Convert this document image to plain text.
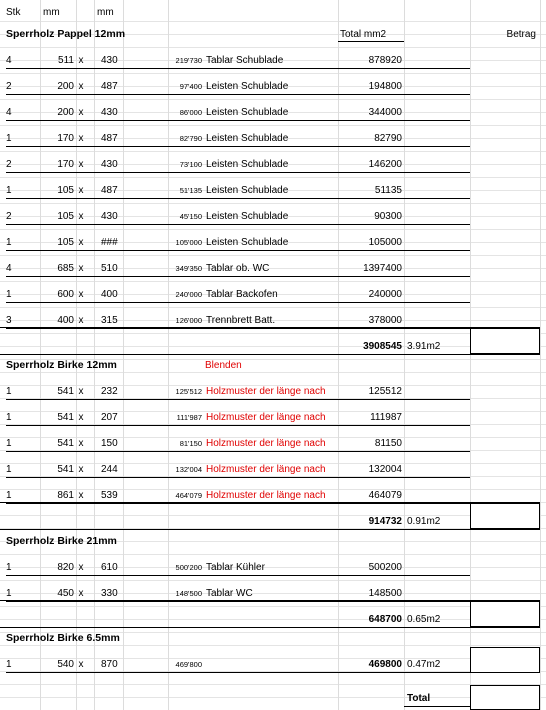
Stk mm	mm
Total mm2	Betrag
Sperrholz Pappel 12mm
4	511 x 430	219'730 Tablar Schublade	878920
2	200 x 487	97'400 Leisten Schublade	194800
4	200 x 430	86'000 Leisten Schublade	344000
1	170 x 487	82'790 Leisten Schublade	82790
2	170 x 430	73'100 Leisten Schublade	146200
1	105 x 487	51'135 Leisten Schublade	51135
2	105 x 430	45'150 Leisten Schublade	90300
1	105 x ###	105'000 Leisten Schublade	105000
4	685 x 510	349'350 Tablar ob. WC	1397400
1	600 x 400	240'000 Tablar Backofen	240000
3	400 x 315	126'000 Trennbrett Batt.	378000
3908545 3.91m2
Sperrholz Birke 12mm	Blenden
1	541 x 232	125'512 Holzmuster der länge nach	125512
1	541 x 207	111'987 Holzmuster der länge nach	111987
1	541 x 150	81'150 Holzmuster der länge nach	81150
1	541 x 244	132'004 Holzmuster der länge nach	132004
1	861 x 539	464'079 Holzmuster der länge nach	464079
914732 0.91m2
Sperrholz Birke 21mm
1	820 x 610	500'200 Tablar Kühler	500200
1	450 x 330	148'500 Tablar WC	148500
648700 0.65m2
Sperrholz Birke 6.5mm
1	540 x 870	469'800	469800 0.47m2
Total
